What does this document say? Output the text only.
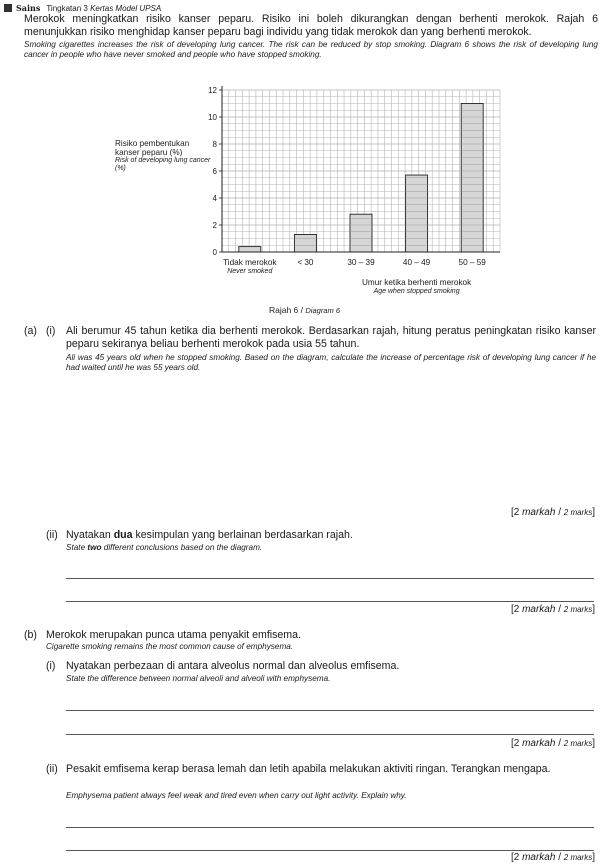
Sains Tingkatan 3 Kertas Model UPSA
Merokok meningkatkan risiko kanser peparu. Risiko ini boleh dikurangkan dengan berhenti merokok. Rajah 6 menunjukkan risiko menghidap kanser peparu bagi individu yang tidak merokok dan yang berhenti merokok.
Smoking cigarettes increases the risk of developing lung cancer. The risk can be reduced by stop smoking. Diagram 6 shows the risk of developing lung cancer in people who have never smoked and people who have stopped smoking.
Risiko pembentukan kanser peparu (%)
Risk of developing lung cancer (%)
Tidak merokok	< 30	30 – 39	40 – 49	50 – 59
0
2
4
6
8
10
12
Never smoked
Umur ketika berhenti merokok
Age when stopped smoking
Rajah 6 / Diagram 6
(a) (i) Ali berumur 45 tahun ketika dia berhenti merokok. Berdasarkan rajah, hitung peratus peningkatan risiko kanser peparu sekiranya beliau berhenti merokok pada usia 55 tahun.
Ali was 45 years old when he stopped smoking. Based on the diagram, calculate the increase of percentage risk of developing lung cancer if he had waited until he was 55 years old.
[2 markah / 2 marks]
(ii) Nyatakan dua kesimpulan yang berlainan berdasarkan rajah.
State two different conclusions based on the diagram.
[2 markah / 2 marks]
(b) Merokok merupakan punca utama penyakit emfisema.
Cigarette smoking remains the most common cause of emphysema.
(i) Nyatakan perbezaan di antara alveolus normal dan alveolus emfisema.
State the difference between normal alveoli and alveoli with emphysema.
[2 markah / 2 marks]
(ii) Pesakit emfisema kerap berasa lemah dan letih apabila melakukan aktiviti ringan. Terangkan mengapa.
Emphysema patient always feel weak and tired even when carry out light activity. Explain why.
[2 markah / 2 marks]
